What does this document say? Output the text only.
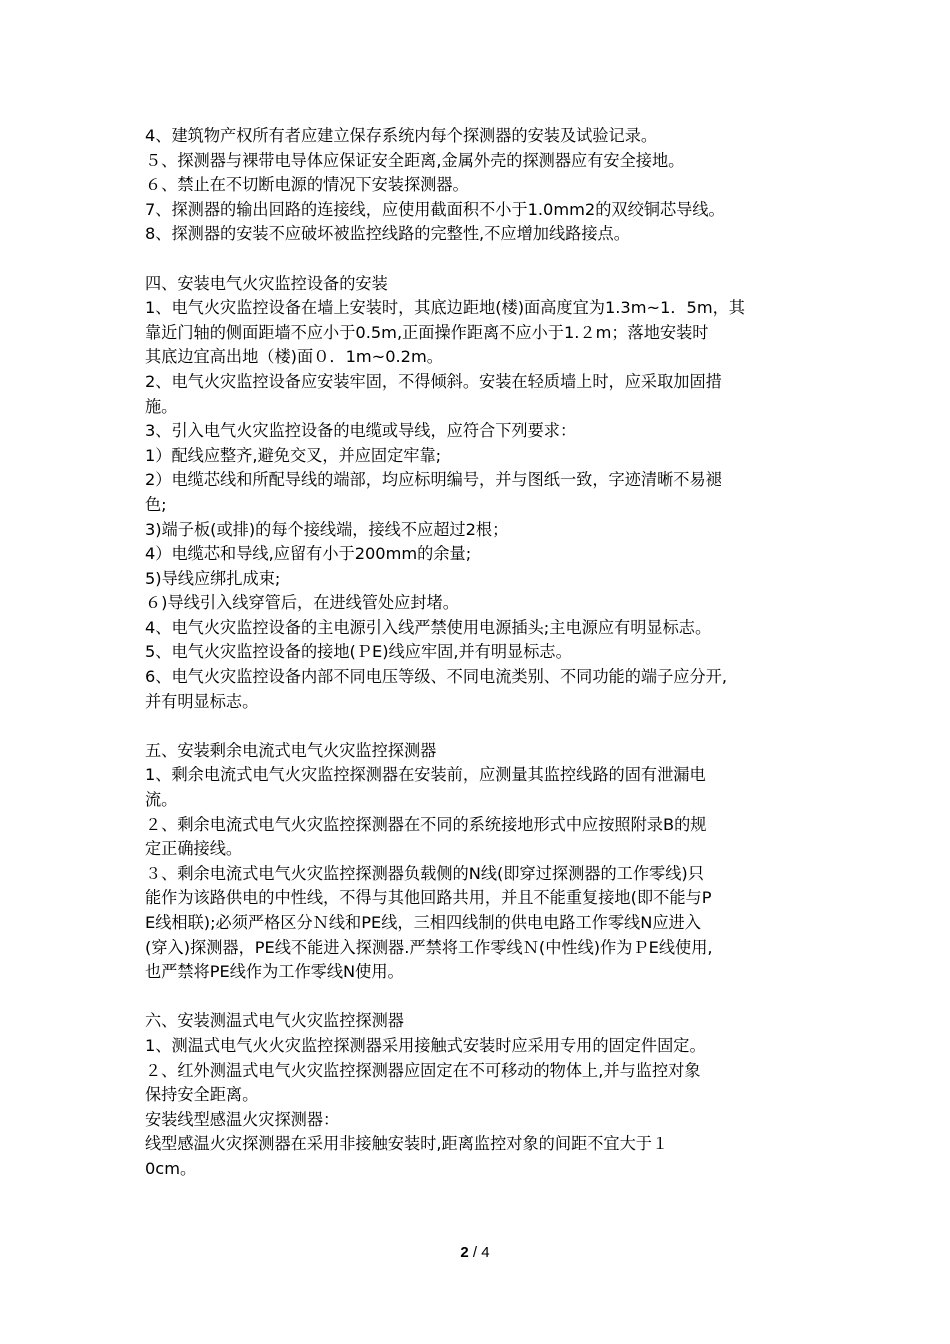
4、建筑物产权所有者应建立保存系统内每个探测器的安装及试验记录。
５、探测器与裸带电导体应保证安全距离,金属外壳的探测器应有安全接地。
６、禁止在不切断电源的情况下安装探测器。
7、探测器的输出回路的连接线，应使用截面积不小于1.0mm2的双绞铜芯导线。
8、探测器的安装不应破坏被监控线路的完整性,不应增加线路接点。
四、安装电气火灾监控设备的安装
1、电气火灾监控设备在墙上安装时，其底边距地(楼)面高度宜为1.3m~1．5m，其
靠近门轴的侧面距墙不应小于0.5m,正面操作距离不应小于1.２m；落地安装时
其底边宜高出地（楼)面０．1m~0.2m。
2、电气火灾监控设备应安装牢固，不得倾斜。安装在轻质墙上时，应采取加固措
施。
3、引入电气火灾监控设备的电缆或导线，应符合下列要求：
1）配线应整齐,避免交叉，并应固定牢靠;
2）电缆芯线和所配导线的端部，均应标明编号，并与图纸一致，字迹清晰不易褪
色;
3)端子板(或排)的每个接线端，接线不应超过2根；
4）电缆芯和导线,应留有小于200mm的余量;
5)导线应绑扎成束;
６)导线引入线穿管后，在进线管处应封堵。
4、电气火灾监控设备的主电源引入线严禁使用电源插头;主电源应有明显标志。
5、电气火灾监控设备的接地(ＰE)线应牢固,并有明显标志。
6、电气火灾监控设备内部不同电压等级、不同电流类别、不同功能的端子应分开,
并有明显标志。
五、安装剩余电流式电气火灾监控探测器
1、剩余电流式电气火灾监控探测器在安装前，应测量其监控线路的固有泄漏电
流。
２、剩余电流式电气火灾监控探测器在不同的系统接地形式中应按照附录B的规
定正确接线。
３、剩余电流式电气火灾监控探测器负载侧的N线(即穿过探测器的工作零线)只
能作为该路供电的中性线，不得与其他回路共用，并且不能重复接地(即不能与P
E线相联);必须严格区分Ｎ线和PE线，三相四线制的供电电路工作零线N应进入
(穿入)探测器，PE线不能进入探测器.严禁将工作零线Ｎ(中性线)作为ＰE线使用,
也严禁将PE线作为工作零线N使用。
六、安装测温式电气火灾监控探测器
1、测温式电气火火灾监控探测器采用接触式安装时应采用专用的固定件固定。
２、红外测温式电气火灾监控探测器应固定在不可移动的物体上,并与监控对象
保持安全距离。
安装线型感温火灾探测器：
线型感温火灾探测器在采用非接触安装时,距离监控对象的间距不宜大于１
0cm。
2 / 4
